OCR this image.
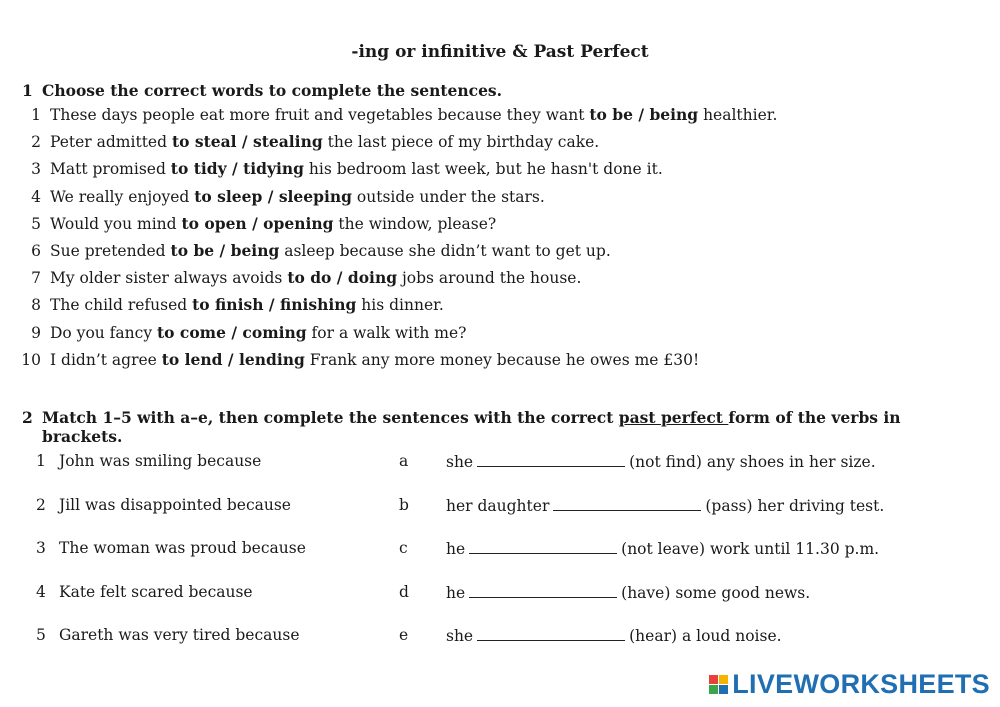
-ing or infinitive & Past Perfect
1 Choose the correct words to complete the sentences.
1 These days people eat more fruit and vegetables because they want to be / being healthier.
2 Peter admitted to steal / stealing the last piece of my birthday cake.
3 Matt promised to tidy / tidying his bedroom last week, but he hasn't done it.
4 We really enjoyed to sleep / sleeping outside under the stars.
5 Would you mind to open / opening the window, please?
6 Sue pretended to be / being asleep because she didn’t want to get up.
7 My older sister always avoids to do / doing jobs around the house.
8 The child refused to finish / finishing his dinner.
9 Do you fancy to come / coming for a walk with me?
10 I didn’t agree to lend / lending Frank any more money because he owes me £30!
2 Match 1–5 with a–e, then complete the sentences with the correct past perfect form of the verbs in
brackets.
1 John was smiling because	a she	(not find) any shoes in her size.
2 Jill was disappointed because	b her daughter	(pass) her driving test.
3 The woman was proud because	c he	(not leave) work until 11.30 p.m.
4 Kate felt scared because	d he	(have) some good news.
5 Gareth was very tired because	e she	(hear) a loud noise.
LIVEWORKSHEETS
